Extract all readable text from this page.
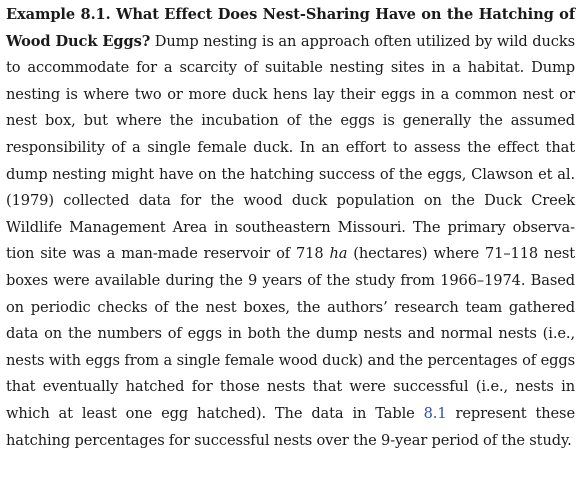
Example 8.1. What Effect Does Nest-Sharing Have on the Hatching of Wood Duck Eggs? Dump nesting is an approach often utilized by wild ducks to accommodate for a scarcity of suitable nesting sites in a habitat. Dump nesting is where two or more duck hens lay their eggs in a common nest or nest box, but where the incubation of the eggs is generally the assumed responsibility of a single female duck. In an effort to assess the effect that dump nesting might have on the hatching success of the eggs, Clawson et al. (1979) collected data for the wood duck population on the Duck Creek Wildlife Management Area in southeastern Missouri. The primary observation site was a man-made reservoir of 718 ha (hectares) where 71–118 nest boxes were available during the 9 years of the study from 1966–1974. Based on periodic checks of the nest boxes, the authors’ research team gathered data on the numbers of eggs in both the dump nests and normal nests (i.e., nests with eggs from a single female wood duck) and the percentages of eggs that eventually hatched for those nests that were successful (i.e., nests in which at least one egg hatched). The data in Table 8.1 represent these hatching percentages for successful nests over the 9-year period of the study.
